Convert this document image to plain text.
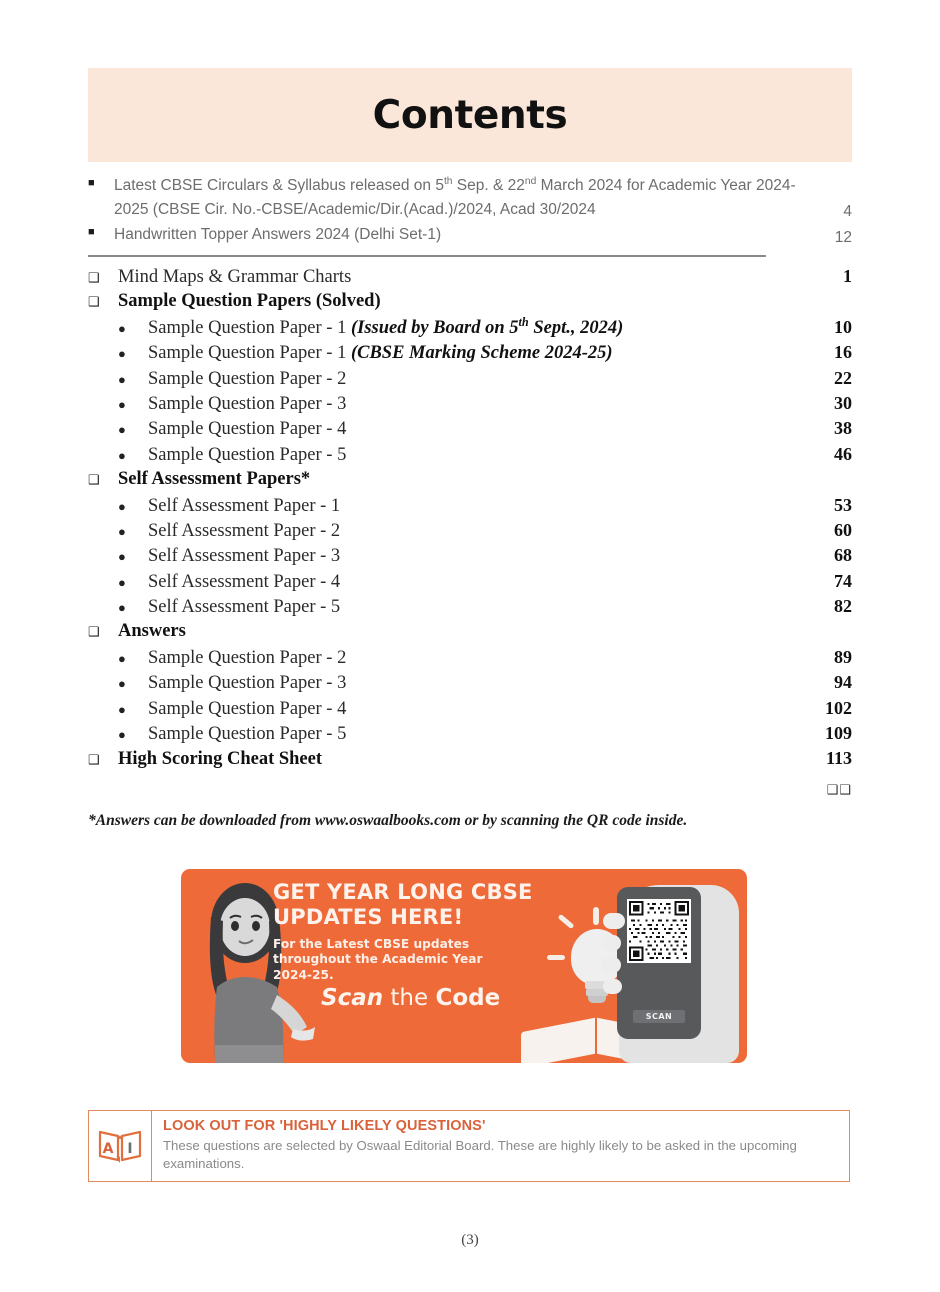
Contents
■
Latest CBSE Circulars & Syllabus released on 5th Sep. & 22nd March 2024 for Academic Year 2024-2025 (CBSE Cir. No.-CBSE/Academic/Dir.(Acad.)/2024, Acad 30/2024	4
■
Handwritten Topper Answers 2024 (Delhi Set-1)	12
❑
Mind Maps & Grammar Charts	1
❑
Sample Question Papers (Solved)
●
Sample Question Paper - 1 (Issued by Board on 5th Sept., 2024)	10
●
Sample Question Paper - 1 (CBSE Marking Scheme 2024-25)	16
●
Sample Question Paper - 2	22
●
Sample Question Paper - 3	30
●
Sample Question Paper - 4	38
●
Sample Question Paper - 5	46
❑
Self Assessment Papers*
●
Self Assessment Paper - 1	53
●
Self Assessment Paper - 2	60
●
Self Assessment Paper - 3	68
●
Self Assessment Paper - 4	74
●
Self Assessment Paper - 5	82
❑
Answers
●
Sample Question Paper - 2	89
●
Sample Question Paper - 3	94
●
Sample Question Paper - 4	102
●
Sample Question Paper - 5	109
❑
High Scoring Cheat Sheet	113
❑❑
*Answers can be downloaded from www.oswaalbooks.com or by scanning the QR code inside.
GET YEAR LONG CBSE
UPDATES HERE!
For the Latest CBSE updates
throughout the Academic Year
2024-25.
Scan the Code
SCAN
A I
LOOK OUT FOR 'HIGHLY LIKELY QUESTIONS'
These questions are selected by Oswaal Editorial Board. These are highly likely to be asked in the upcoming examinations.
(3)
